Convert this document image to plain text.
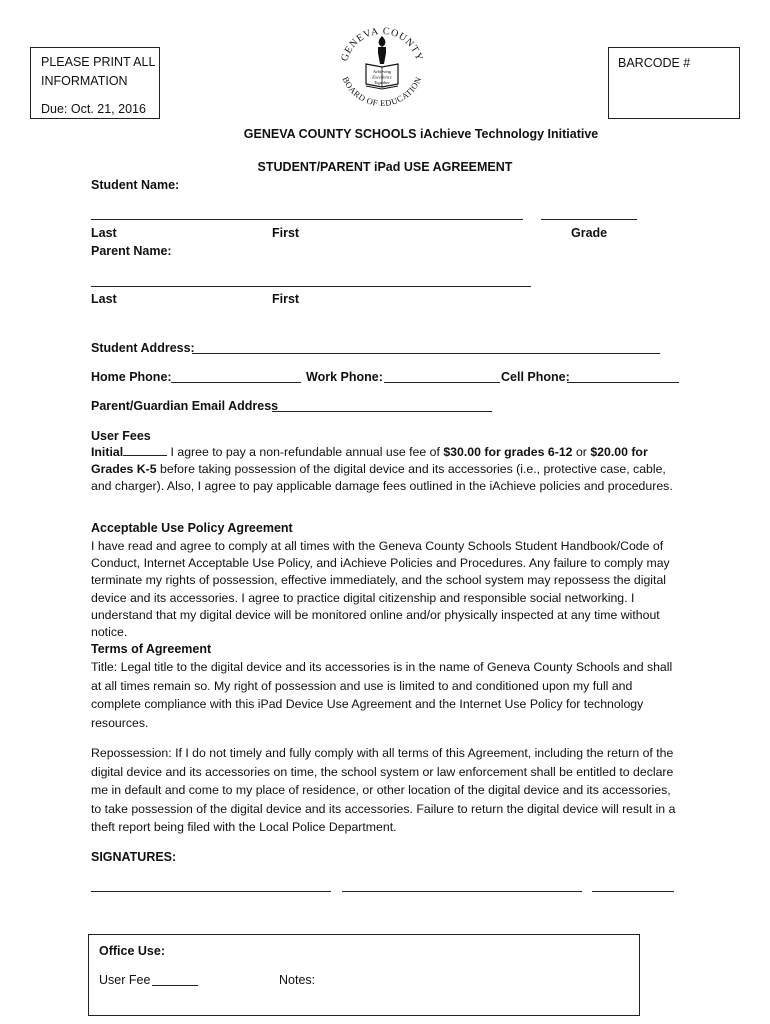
PLEASE PRINT ALL
INFORMATION
Due: Oct. 21, 2016
BARCODE #
GENEVA COUNTY
BOARD OF EDUCATION
Achieving
Excellence
Together
GENEVA COUNTY SCHOOLS iAchieve Technology Initiative
STUDENT/PARENT iPad USE AGREEMENT
Student Name:
Last	First	Grade
Parent Name:
Last	First
Student Address:
Home Phone:	Work Phone:	Cell Phone:
Parent/Guardian Email Address
User Fees

Initial	I agree to pay a non-refundable annual use fee of $30.00 for grades 6-12 or $20.00 for Grades K-5 before taking possession of the digital device and its accessories (i.e., protective case, cable, and charger). Also, I agree to pay applicable damage fees outlined in the iAchieve policies and procedures.

Acceptable Use Policy Agreement

I have read and agree to comply at all times with the Geneva County Schools Student Handbook/Code of Conduct, Internet Acceptable Use Policy, and iAchieve Policies and Procedures. Any failure to comply may terminate my rights of possession, effective immediately, and the school system may repossess the digital device and its accessories. I agree to practice digital citizenship and responsible social networking. I understand that my digital device will be monitored online and/or physically inspected at any time without notice.

Terms of Agreement

Title: Legal title to the digital device and its accessories is in the name of Geneva County Schools and shall at all times remain so. My right of possession and use is limited to and conditioned upon my full and complete compliance with this iPad Device Use Agreement and the Internet Use Policy for technology resources.

Repossession: If I do not timely and fully comply with all terms of this Agreement, including the return of the digital device and its accessories on time, the school system or law enforcement shall be entitled to declare me in default and come to my place of residence, or other location of the digital device and its accessories, to take possession of the digital device and its accessories. Failure to return the digital device will result in a theft report being filed with the Local Police Department.

SIGNATURES:
Office Use:
User Fee	Notes:
